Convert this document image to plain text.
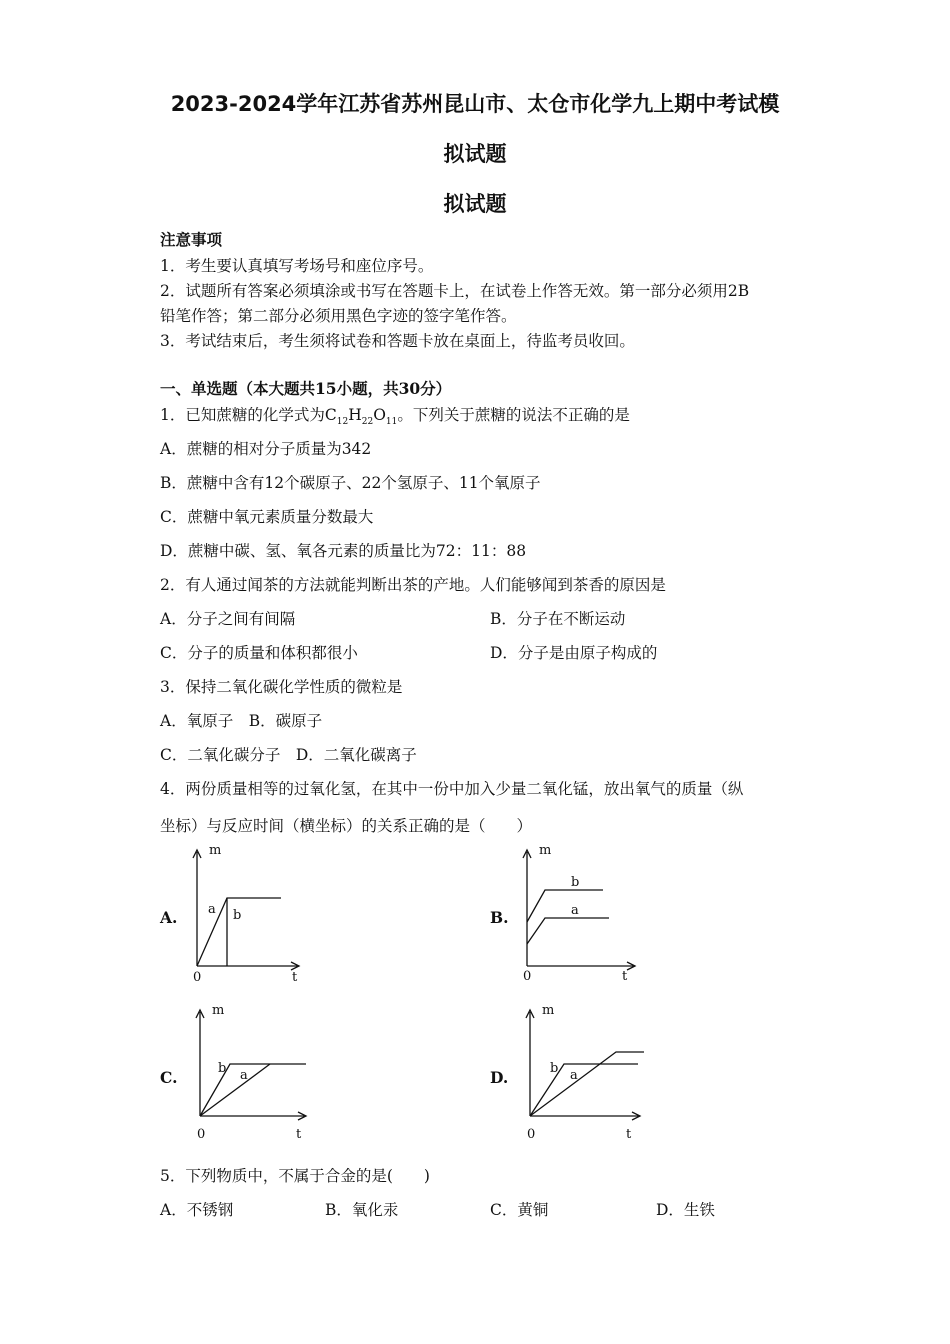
2023-2024学年江苏省苏州昆山市、太仓市化学九上期中考试模
拟试题
拟试题
注意事项
1．考生要认真填写考场号和座位序号。
2．试题所有答案必须填涂或书写在答题卡上，在试卷上作答无效。第一部分必须用2B
铅笔作答；第二部分必须用黑色字迹的签字笔作答。
3．考试结束后，考生须将试卷和答题卡放在桌面上，待监考员收回。
一、单选题（本大题共15小题，共30分）
1．已知蔗糖的化学式为$C_{12}H_{22}O_{11}$。下列关于蔗糖的说法不正确的是
A．蔗糖的相对分子质量为342
B．蔗糖中含有12个碳原子、22个氢原子、11个氧原子
C．蔗糖中氧元素质量分数最大
D．蔗糖中碳、氢、氧各元素的质量比为72：11：88
2．有人通过闻茶的方法就能判断出茶的产地。人们能够闻到茶香的原因是
A．分子之间有间隔	B．分子在不断运动
C．分子的质量和体积都很小	D．分子是由原子构成的
3．保持二氧化碳化学性质的微粒是
A．氧原子　B．碳原子
C．二氧化碳分子　D．二氧化碳离子
4．两份质量相等的过氧化氢，在其中一份中加入少量二氧化锰，放出氧气的质量（纵
坐标）与反应时间（横坐标）的关系正确的是（　　）
A.	B.
C.	D.
m
t
0
a b
m
t
0
b
a
m
t
0
b a
m
t
0
b a
5．下列物质中，不属于合金的是(　　)
A．不锈钢	B．氧化汞	C．黄铜	D．生铁
